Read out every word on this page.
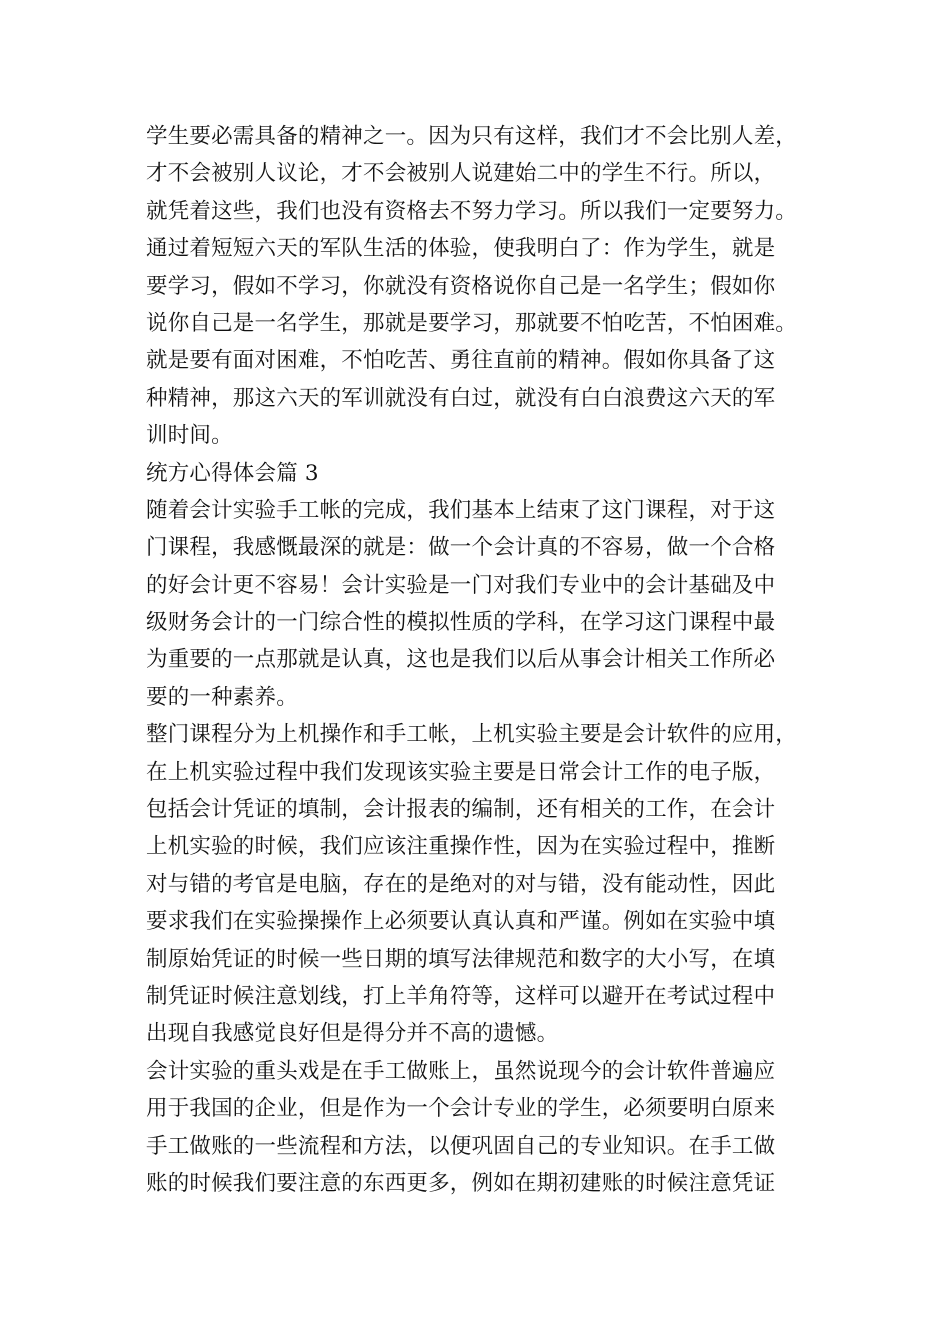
学生要必需具备的精神之一。因为只有这样，我们才不会比别人差，
才不会被别人议论，才不会被别人说建始二中的学生不行。所以，
就凭着这些，我们也没有资格去不努力学习。所以我们一定要努力。
通过着短短六天的军队生活的体验，使我明白了：作为学生，就是
要学习，假如不学习，你就没有资格说你自己是一名学生；假如你
说你自己是一名学生，那就是要学习，那就要不怕吃苦，不怕困难。
就是要有面对困难，不怕吃苦、勇往直前的精神。假如你具备了这
种精神，那这六天的军训就没有白过，就没有白白浪费这六天的军
训时间。
统方心得体会篇 3
随着会计实验手工帐的完成，我们基本上结束了这门课程，对于这
门课程，我感慨最深的就是：做一个会计真的不容易，做一个合格
的好会计更不容易！会计实验是一门对我们专业中的会计基础及中
级财务会计的一门综合性的模拟性质的学科，在学习这门课程中最
为重要的一点那就是认真，这也是我们以后从事会计相关工作所必
要的一种素养。
整门课程分为上机操作和手工帐，上机实验主要是会计软件的应用，
在上机实验过程中我们发现该实验主要是日常会计工作的电子版，
包括会计凭证的填制，会计报表的编制，还有相关的工作，在会计
上机实验的时候，我们应该注重操作性，因为在实验过程中，推断
对与错的考官是电脑，存在的是绝对的对与错，没有能动性，因此
要求我们在实验操操作上必须要认真认真和严谨。例如在实验中填
制原始凭证的时候一些日期的填写法律规范和数字的大小写，在填
制凭证时候注意划线，打上羊角符等，这样可以避开在考试过程中
出现自我感觉良好但是得分并不高的遗憾。
会计实验的重头戏是在手工做账上，虽然说现今的会计软件普遍应
用于我国的企业，但是作为一个会计专业的学生，必须要明白原来
手工做账的一些流程和方法，以便巩固自己的专业知识。在手工做
账的时候我们要注意的东西更多，例如在期初建账的时候注意凭证
